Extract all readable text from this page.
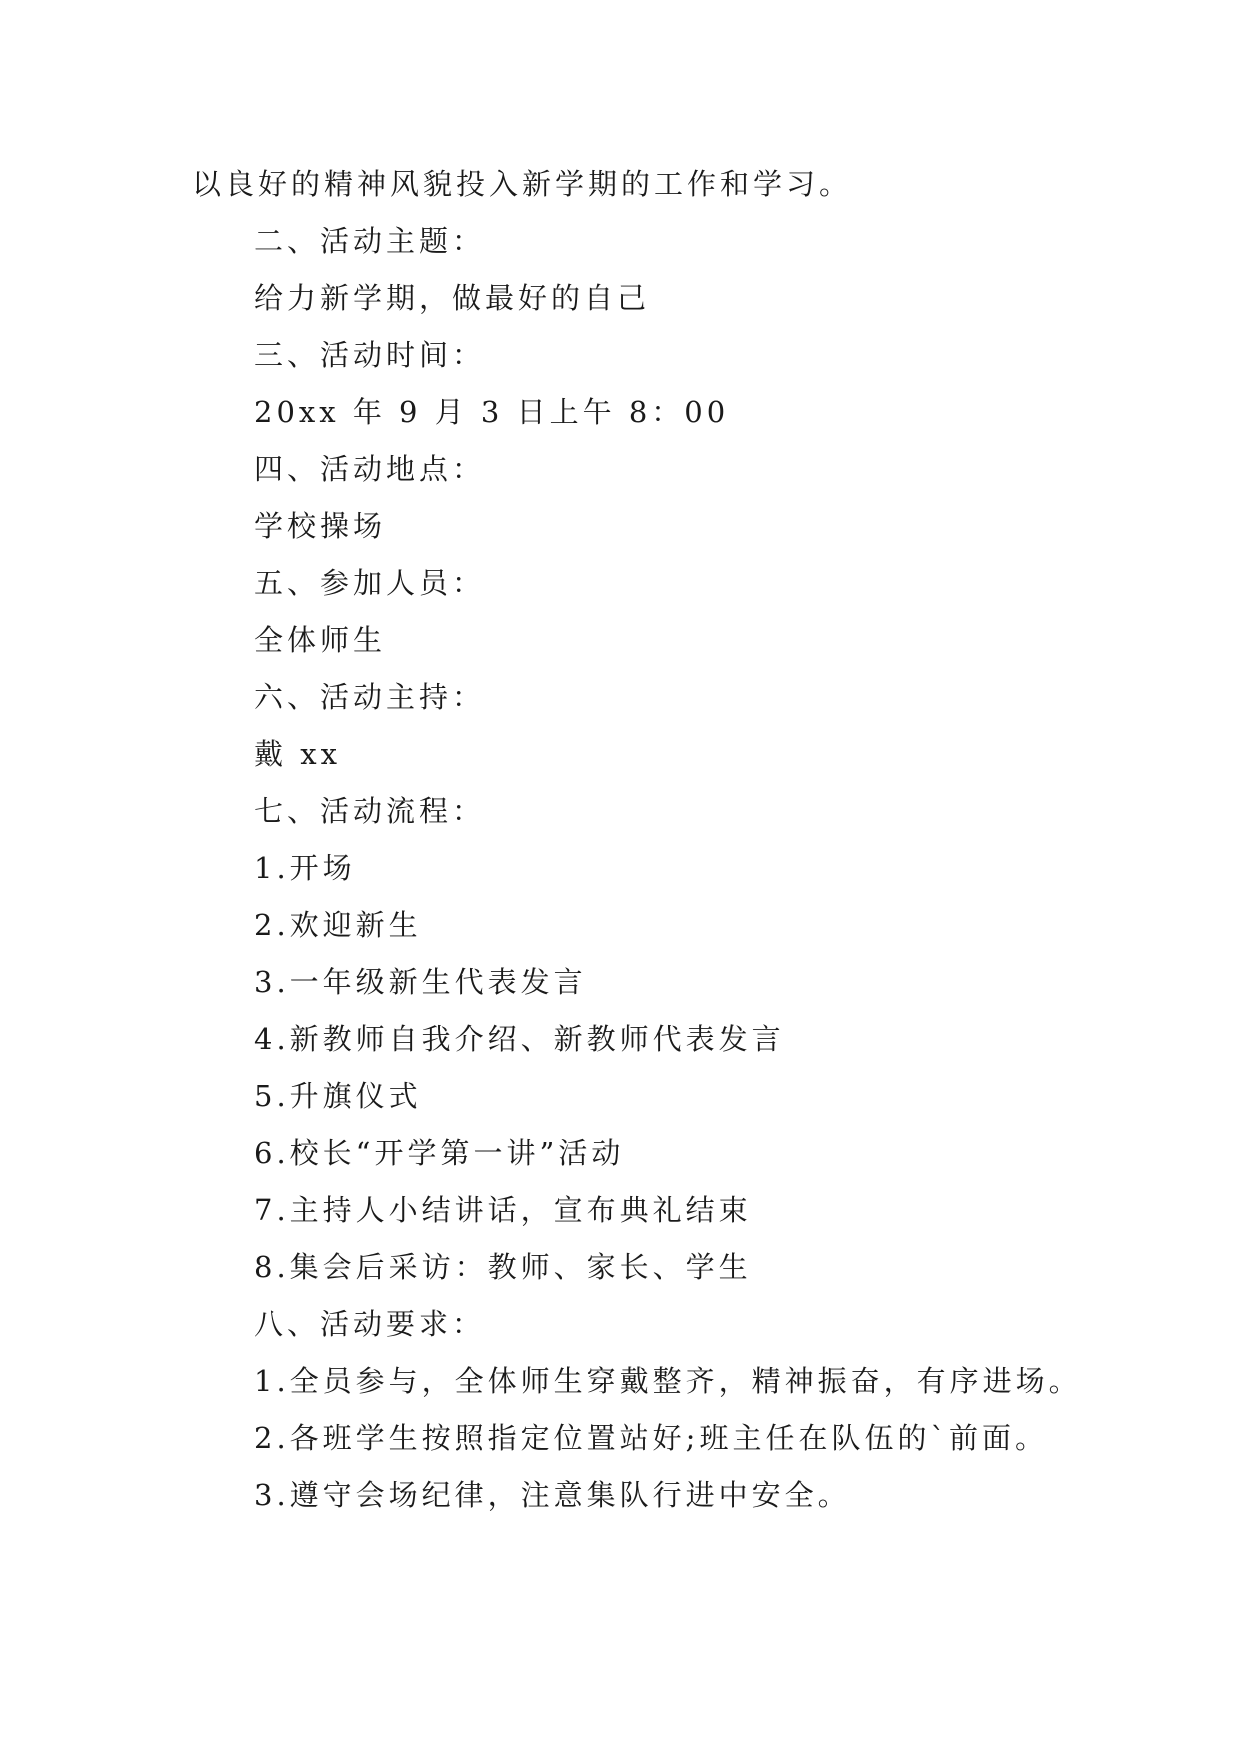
以良好的精神风貌投入新学期的工作和学习。
二、活动主题：
给力新学期，做最好的自己
三、活动时间：
20xx 年 9 月 3 日上午 8：00
四、活动地点：
学校操场
五、参加人员：
全体师生
六、活动主持：
戴 xx
七、活动流程：
1.开场
2.欢迎新生
3.一年级新生代表发言
4.新教师自我介绍、新教师代表发言
5.升旗仪式
6.校长“开学第一讲”活动
7.主持人小结讲话，宣布典礼结束
8.集会后采访：教师、家长、学生
八、活动要求：
1.全员参与，全体师生穿戴整齐，精神振奋，有序进场。
2.各班学生按照指定位置站好;班主任在队伍的`前面。
3.遵守会场纪律，注意集队行进中安全。
